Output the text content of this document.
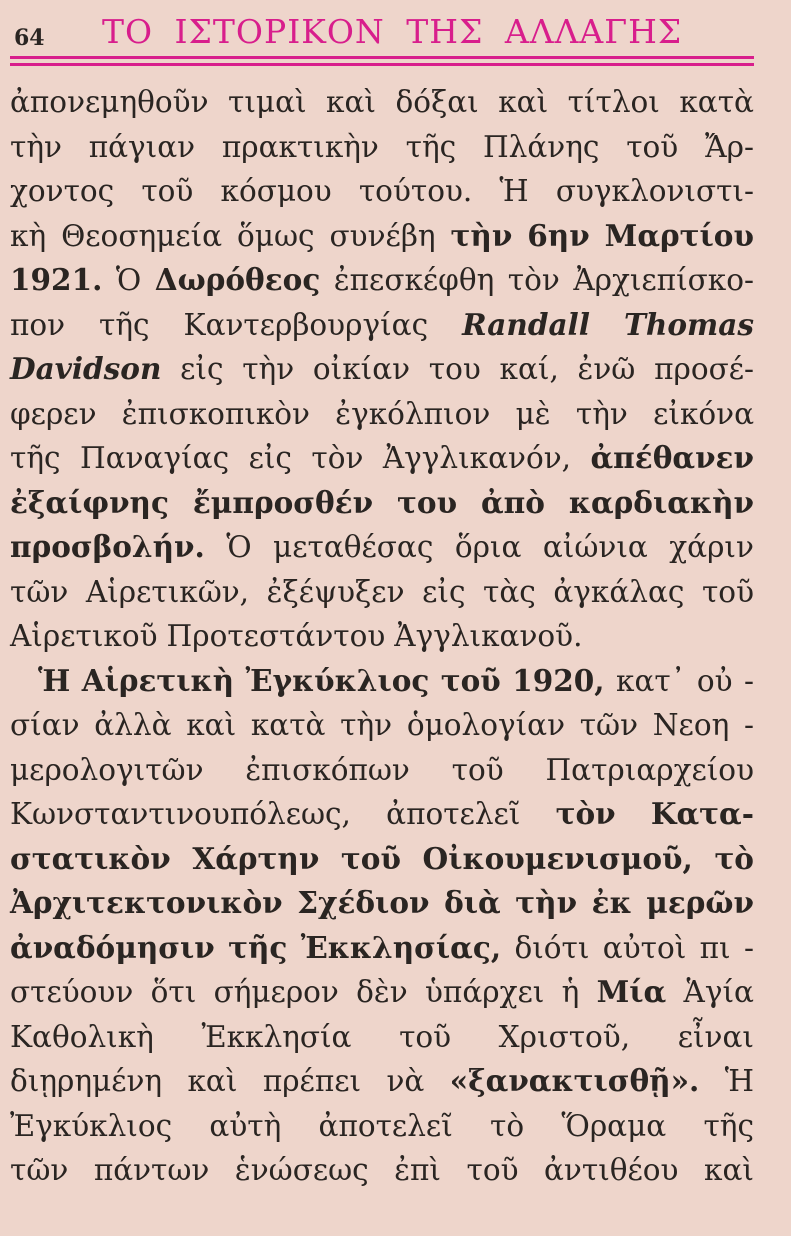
64 ΤΟ ΙΣΤΟΡΙΚΟΝ ΤΗΣ ΑΛΛΑΓΗΣ
ἀπονεμηθοῦν τιμαὶ καὶ δόξαι καὶ τίτλοι κατὰ
τὴν πάγιαν πρακτικὴν τῆς Πλάνης τοῦ Ἄρ-
χοντος τοῦ κόσμου τούτου. Ἡ συγκλονιστι-
κὴ Θεοσημεία ὅμως συνέβη τὴν 6ην Μαρτίου
1921. Ὁ Δωρόθεος ἐπεσκέφθη τὸν Ἀρχιεπίσκο-
πον τῆς Καντερβουργίας Randall Thomas
Davidson εἰς τὴν οἰκίαν του καί, ἐνῶ προσέ-
φερεν ἐπισκοπικὸν ἐγκόλπιον μὲ τὴν εἰκόνα
τῆς Παναγίας εἰς τὸν Ἀγγλικανόν, ἀπέθανεν
ἐξαίφνης ἔμπροσθέν του ἀπὸ καρδιακὴν
προσβολήν. Ὁ μεταθέσας ὅρια αἰώνια χάριν
τῶν Αἱρετικῶν, ἐξέψυξεν εἰς τὰς ἀγκάλας τοῦ
Αἱρετικοῦ Προτεστάντου Ἀγγλικανοῦ.
Ἡ Αἱρετικὴ Ἐγκύκλιος τοῦ 1920, κατ᾽ οὐ -
σίαν ἀλλὰ καὶ κατὰ τὴν ὁμολογίαν τῶν Νεοη -
μερολογιτῶν ἐπισκόπων τοῦ Πατριαρχείου
Κωνσταντινουπόλεως, ἀποτελεῖ τὸν Κατα-
στατικὸν Χάρτην τοῦ Οἰκουμενισμοῦ, τὸ
Ἀρχιτεκτονικὸν Σχέδιον διὰ τὴν ἐκ μερῶν
ἀναδόμησιν τῆς Ἐκκλησίας, διότι αὐτοὶ πι -
στεύουν ὅτι σήμερον δὲν ὑπάρχει ἡ Μία Ἁγία
Καθολικὴ Ἐκκλησία τοῦ Χριστοῦ, εἶναι
διῃρημένη καὶ πρέπει νὰ «ξανακτισθῇ». Ἡ
Ἐγκύκλιος αὐτὴ ἀποτελεῖ τὸ Ὅραμα τῆς
τῶν πάντων ἑνώσεως ἐπὶ τοῦ ἀντιθέου καὶ
